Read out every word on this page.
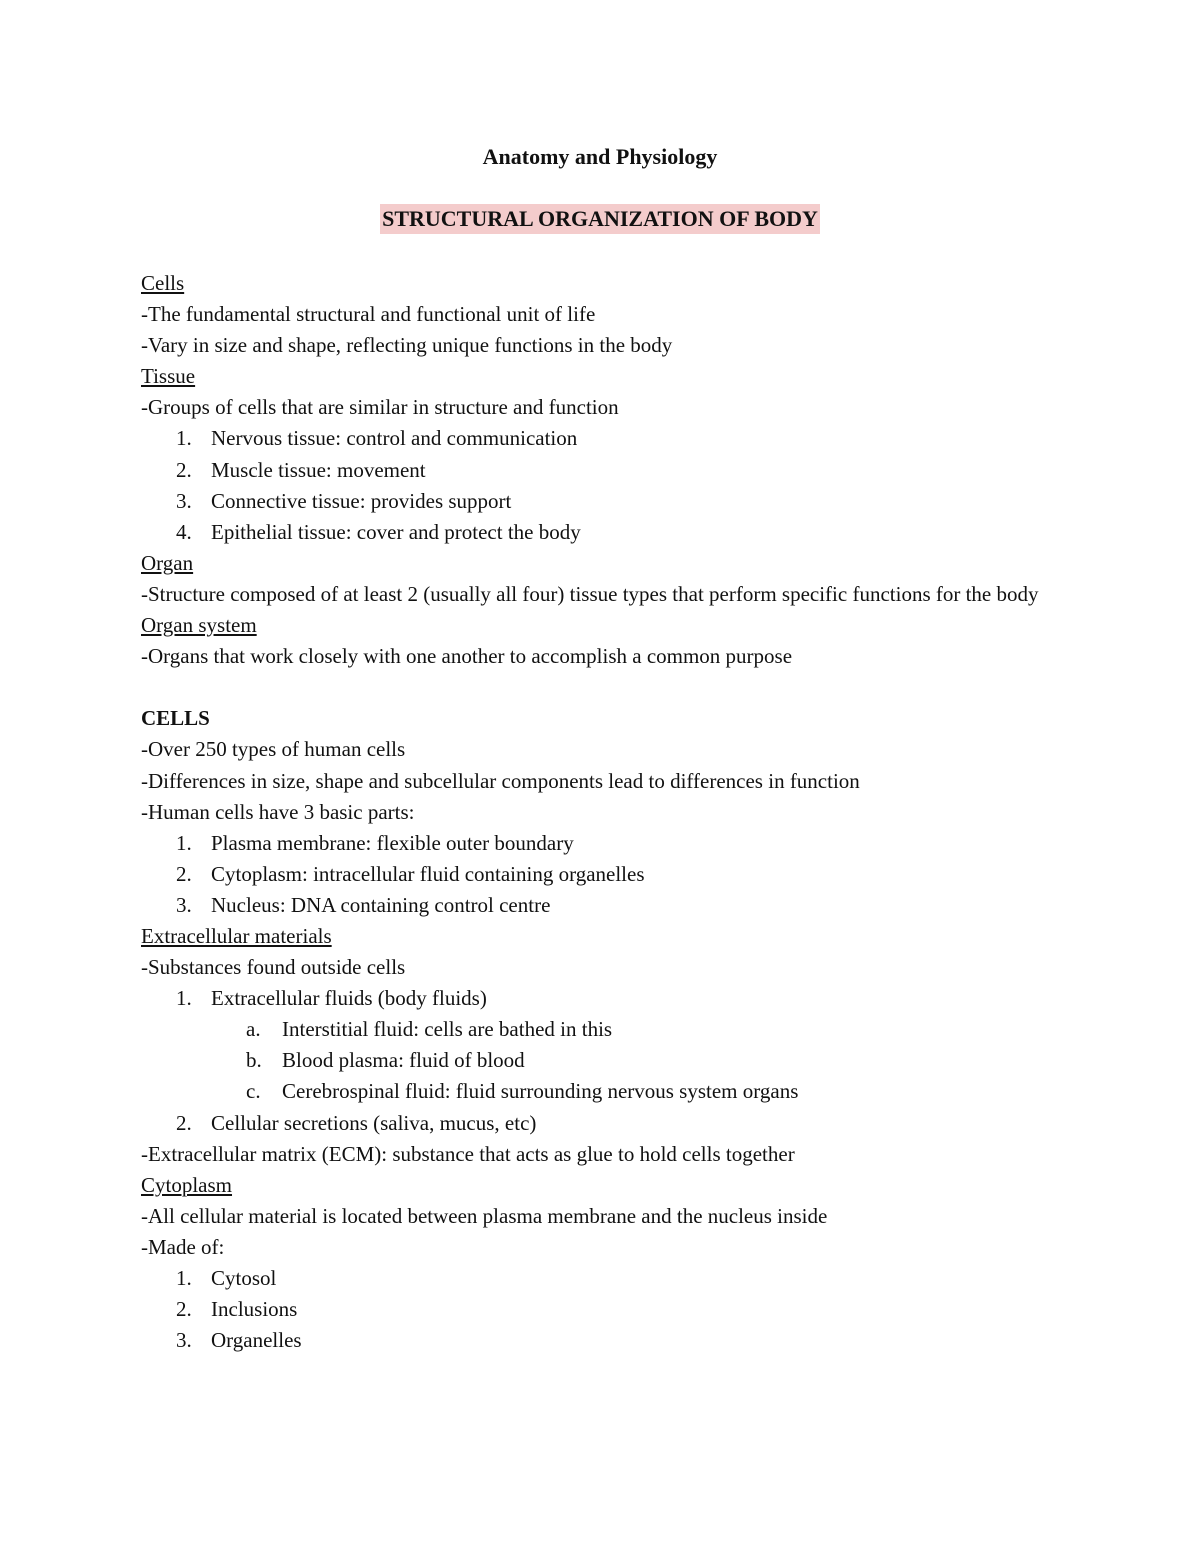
Anatomy and Physiology
STRUCTURAL ORGANIZATION OF BODY
Cells
-The fundamental structural and functional unit of life
-Vary in size and shape, reflecting unique functions in the body
Tissue
-Groups of cells that are similar in structure and function
1. Nervous tissue: control and communication
2. Muscle tissue: movement
3. Connective tissue: provides support
4. Epithelial tissue: cover and protect the body
Organ
-Structure composed of at least 2 (usually all four) tissue types that perform specific functions for the body
Organ system
-Organs that work closely with one another to accomplish a common purpose
CELLS
-Over 250 types of human cells
-Differences in size, shape and subcellular components lead to differences in function
-Human cells have 3 basic parts:
1. Plasma membrane: flexible outer boundary
2. Cytoplasm: intracellular fluid containing organelles
3. Nucleus: DNA containing control centre
Extracellular materials
-Substances found outside cells
1. Extracellular fluids (body fluids)
a. Interstitial fluid: cells are bathed in this
b. Blood plasma: fluid of blood
c. Cerebrospinal fluid: fluid surrounding nervous system organs
2. Cellular secretions (saliva, mucus, etc)
-Extracellular matrix (ECM): substance that acts as glue to hold cells together
Cytoplasm
-All cellular material is located between plasma membrane and the nucleus inside
-Made of:
1. Cytosol
2. Inclusions
3. Organelles
